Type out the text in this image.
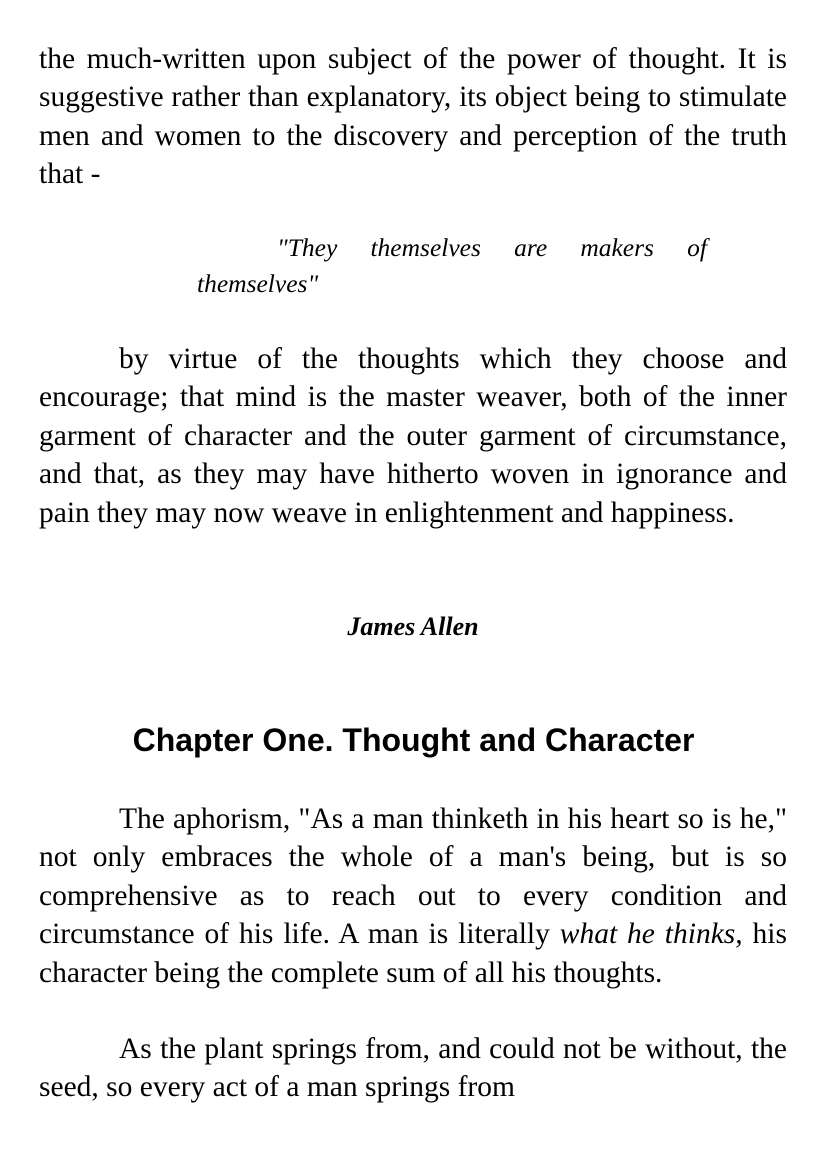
the much-written upon subject of the power of thought. It is suggestive rather than explanatory, its object being to stimulate men and women to the discovery and perception of the truth that -

"They themselves are makers of themselves"

by virtue of the thoughts which they choose and encourage; that mind is the master weaver, both of the inner garment of character and the outer garment of circumstance, and that, as they may have hitherto woven in ignorance and pain they may now weave in enlightenment and happiness.

James Allen

Chapter One. Thought and Character

The aphorism, "As a man thinketh in his heart so is he," not only embraces the whole of a man's being, but is so comprehensive as to reach out to every condition and circumstance of his life. A man is literally what he thinks, his character being the complete sum of all his thoughts.

As the plant springs from, and could not be without, the seed, so every act of a man springs from
